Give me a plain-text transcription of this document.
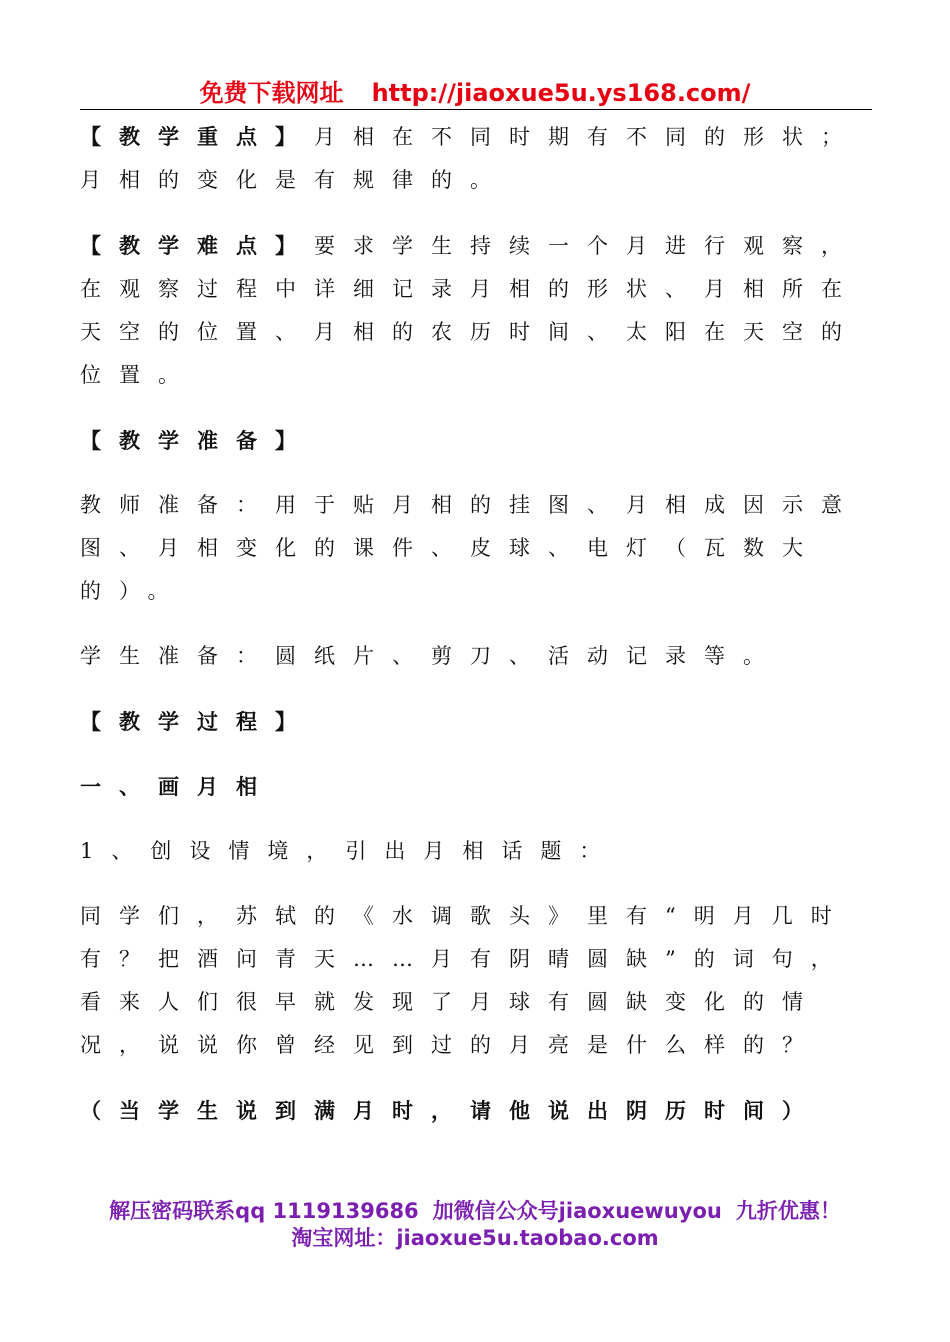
免费下载网址 http://jiaoxue5u.ys168.com/

【教学重点】月相在不同时期有不同的形状；月相的变化是有规律的。

【教学难点】要求学生持续一个月进行观察，在观察过程中详细记录月相的形状、月相所在天空的位置、月相的农历时间、太阳在天空的位置。

【教学准备】

教师准备：用于贴月相的挂图、月相成因示意图、月相变化的课件、皮球、电灯（瓦数大
的）。

学生准备：圆纸片、剪刀、活动记录等。

【教学过程】

一、画月相

1、创设情境，引出月相话题：

同学们，苏轼的《水调歌头》里有“明月几时有？把酒问青天……月有阴晴圆缺”的词句，看来人们很早就发现了月球有圆缺变化的情况，说说你曾经见到过的月亮是什么样的？

（当学生说到满月时，请他说出阴历时间）

解压密码联系qq 1119139686 加微信公众号jiaoxuewuyou 九折优惠！
淘宝网址：jiaoxue5u.taobao.com
